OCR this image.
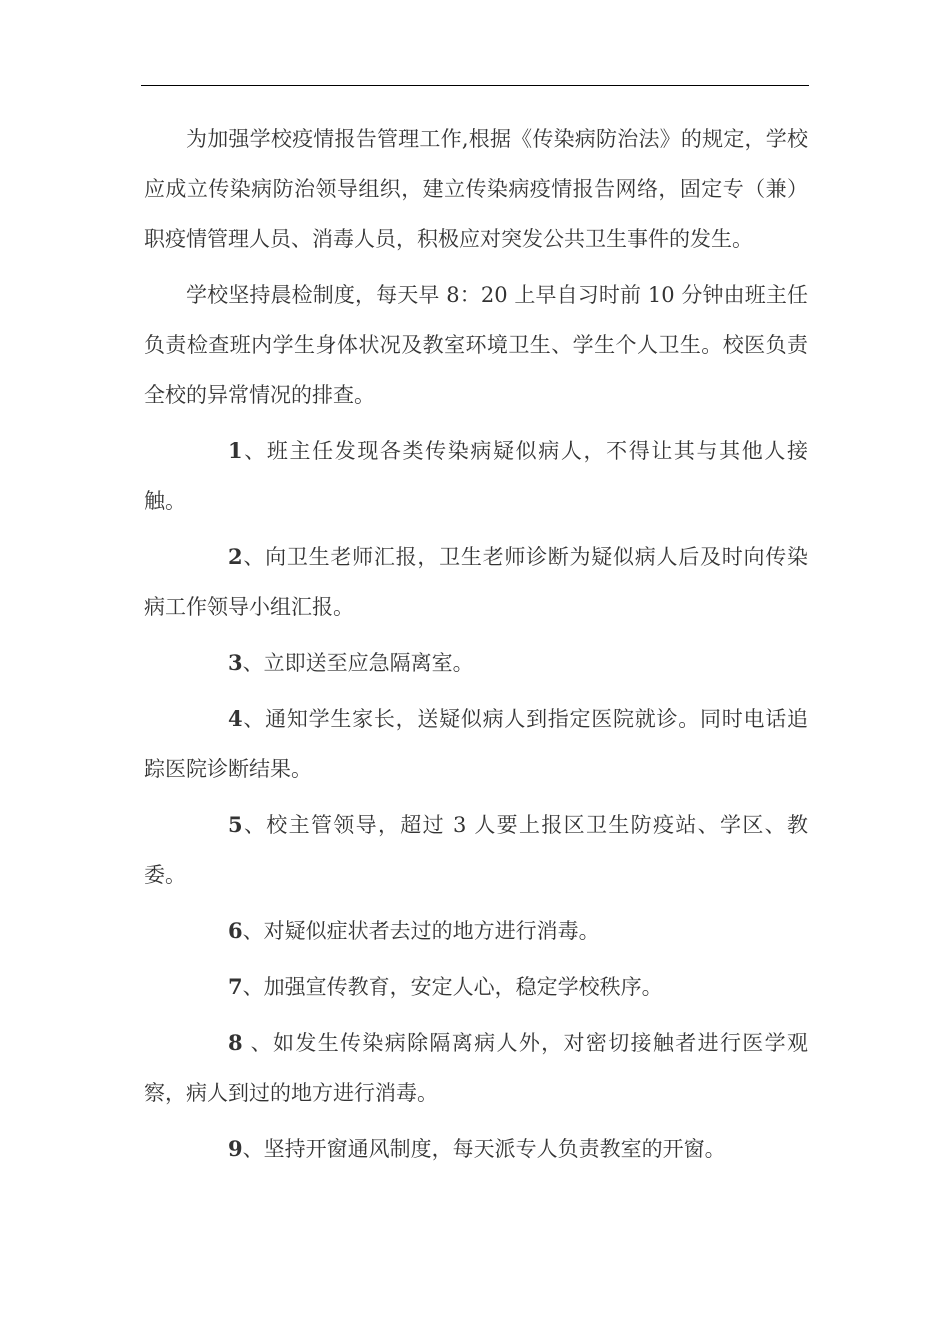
为加强学校疫情报告管理工作,根据《传染病防治法》的规定，学校应成立传染病防治领导组织，建立传染病疫情报告网络，固定专（兼）职疫情管理人员、消毒人员，积极应对突发公共卫生事件的发生。

学校坚持晨检制度，每天早 8：20 上早自习时前 10 分钟由班主任负责检查班内学生身体状况及教室环境卫生、学生个人卫生。校医负责全校的异常情况的排查。

1、班主任发现各类传染病疑似病人，不得让其与其他人接触。

2、向卫生老师汇报，卫生老师诊断为疑似病人后及时向传染病工作领导小组汇报。

3、立即送至应急隔离室。

4、通知学生家长，送疑似病人到指定医院就诊。同时电话追踪医院诊断结果。

5、校主管领导，超过 3 人要上报区卫生防疫站、学区、教委。

6、对疑似症状者去过的地方进行消毒。

7、加强宣传教育，安定人心，稳定学校秩序。

8 、如发生传染病除隔离病人外，对密切接触者进行医学观察，病人到过的地方进行消毒。

9、坚持开窗通风制度，每天派专人负责教室的开窗。
